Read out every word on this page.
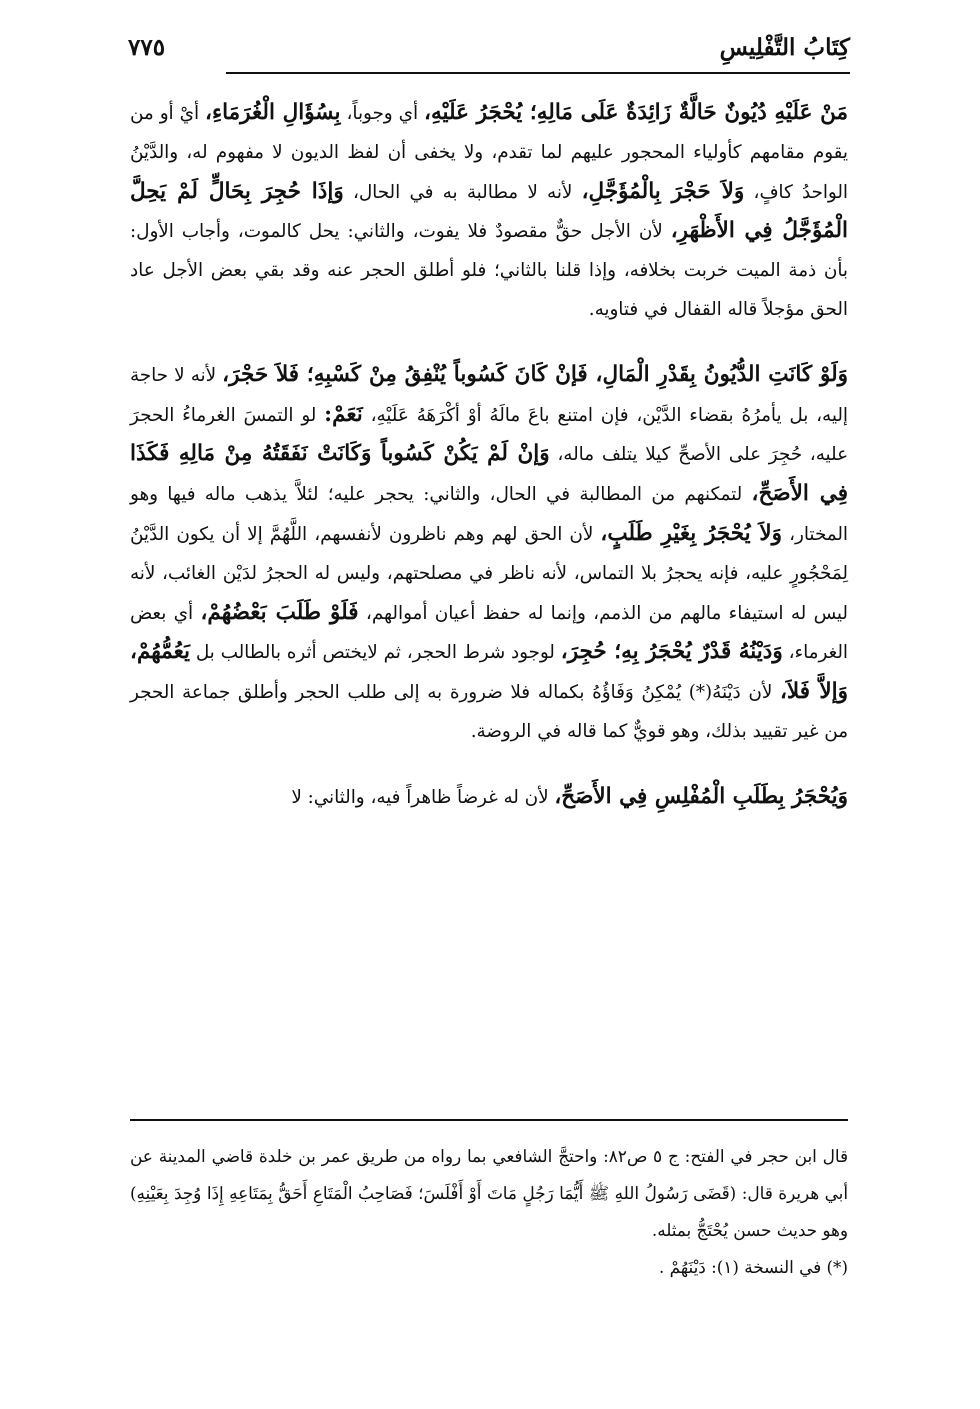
كِتَابُ التَّفْلِيسِ
٧٧٥

مَنْ عَلَيْهِ دُيُونٌ حَالَّةٌ زَائِدَةٌ عَلَى مَالِهِ؛ يُحْجَرُ عَلَيْهِ، أي وجوباً، بِسُؤَالِ الْغُرَمَاءِ، أيْ أو من يقوم مقامهم كأولياء المحجور عليهم لما تقدم، ولا يخفى أن لفظ الديون لا مفهوم له، والدَّيْنُ الواحدُ كافٍ، وَلاَ حَجْرَ بِالْمُؤَجَّلِ، لأنه لا مطالبة به في الحال، وَإذَا حُجِرَ بِحَالٍّ لَمْ يَحِلَّ الْمُؤَجَّلُ فِي الأَظْهَرِ، لأن الأجل حقٌّ مقصودٌ فلا يفوت، والثاني: يحل كالموت، وأجاب الأول: بأن ذمة الميت خربت بخلافه، وإذا قلنا بالثاني؛ فلو أطلق الحجر عنه وقد بقي بعض الأجل عاد الحق مؤجلاً قاله القفال في فتاويه.

وَلَوْ كَانَتِ الدُّيُونُ بِقَدْرِ الْمَالِ، فَإنْ كَانَ كَسُوباً يُنْفِقُ مِنْ كَسْبِهِ؛ فَلاَ حَجْرَ، لأنه لا حاجة إليه، بل يأمرُهُ بقضاء الدَّيْن، فإن امتنع باعَ مالَهُ أوْ أكْرَهَهُ عَلَيْهِ، نَعَمْ: لو التمسَ الغرماءُ الحجرَ عليه، حُجِرَ على الأصحِّ كيلا يتلف ماله، وَإنْ لَمْ يَكُنْ كَسُوباً وَكَانَتْ نَفَقَتُهُ مِنْ مَالِهِ فَكَذَا فِي الأَصَحِّ، لتمكنهم من المطالبة في الحال، والثاني: يحجر عليه؛ لئلاَّ يذهب ماله فيها وهو المختار، وَلاَ يُحْجَرُ بِغَيْرِ طَلَبٍ، لأن الحق لهم وهم ناظرون لأنفسهم، اللَّهُمَّ إلا أن يكون الدَّيْنُ لِمَحْجُورٍ عليه، فإنه يحجرُ بلا التماس، لأنه ناظر في مصلحتهم، وليس له الحجرُ لدَيْن الغائب، لأنه ليس له استيفاء مالهم من الذمم، وإنما له حفظ أعيان أموالهم، فَلَوْ طَلَبَ بَعْضُهُمْ، أي بعض الغرماء، وَدَيْنُهُ قَدْرٌ يُحْجَرُ بِهِ؛ حُجِرَ، لوجود شرط الحجر، ثم لايختص أثره بالطالب بل يَعُمُّهُمْ، وَإلاَّ فَلاَ، لأن دَيْنَهُ(*) يُمْكِنُ وَفَاؤُهُ بكماله فلا ضرورة به إلى طلب الحجر وأطلق جماعة الحجر من غير تقييد بذلك، وهو قويٌّ كما قاله في الروضة.

وَيُحْجَرُ بِطَلَبِ الْمُفْلِسِ فِي الأَصَحِّ، لأن له غرضاً ظاهراً فيه، والثاني: لا

قال ابن حجر في الفتح: ج ٥ ص٨٢: واحتجَّ الشافعي بما رواه من طريق عمر بن خلدة قاضي المدينة عن أبي هريرة قال: (قَضَى رَسُولُ اللهِ ﷺ أَيُّمَا رَجُلٍ مَاتَ أَوْ أَفْلَسَ؛ فَصَاحِبُ الْمَتَاعِ أَحَقُّ بِمَتَاعِهِ إِذَا وُجِدَ بِعَيْنِهِ) وهو حديث حسن يُحْتَجُّ بمثله.

(*) في النسخة (١): دَيْنَهُمْ .
